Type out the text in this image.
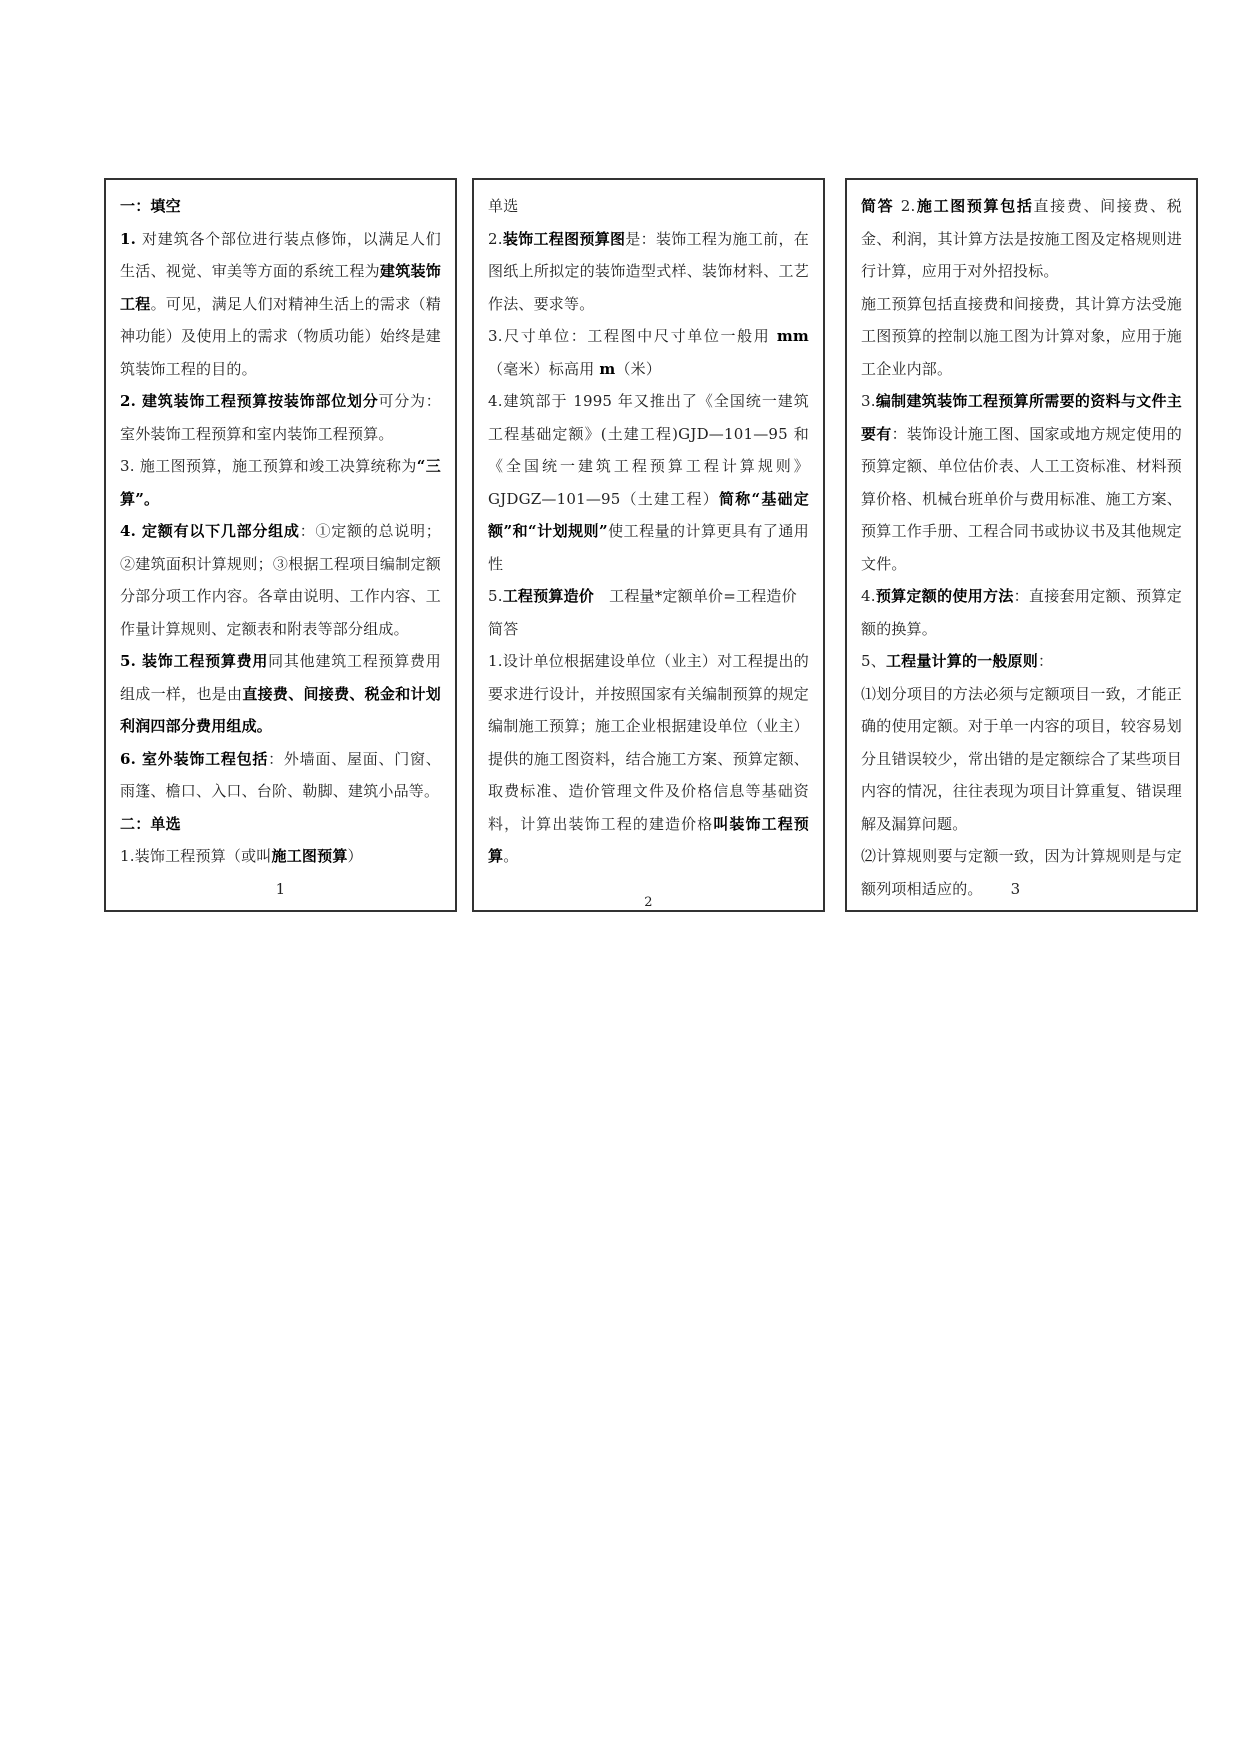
一：填空

1. 对建筑各个部位进行装点修饰，以满足人们生活、视觉、审美等方面的系统工程为建筑装饰工程。可见，满足人们对精神生活上的需求（精神功能）及使用上的需求（物质功能）始终是建筑装饰工程的目的。

2. 建筑装饰工程预算按装饰部位划分可分为：室外装饰工程预算和室内装饰工程预算。

3. 施工图预算，施工预算和竣工决算统称为“三算”。

4. 定额有以下几部分组成：①定额的总说明；②建筑面积计算规则；③根据工程项目编制定额分部分项工作内容。各章由说明、工作内容、工作量计算规则、定额表和附表等部分组成。

5. 装饰工程预算费用同其他建筑工程预算费用组成一样，也是由直接费、间接费、税金和计划利润四部分费用组成。

6. 室外装饰工程包括：外墙面、屋面、门窗、雨篷、檐口、入口、台阶、勒脚、建筑小品等。

二：单选

1.装饰工程预算（或叫施工图预算）

1

单选

2.装饰工程图预算图是：装饰工程为施工前，在图纸上所拟定的装饰造型式样、装饰材料、工艺作法、要求等。

3.尺寸单位：工程图中尺寸单位一般用 mm（毫米）标高用 m（米）

4.建筑部于 1995 年又推出了《全国统一建筑工程基础定额》(土建工程)GJD—101—95 和《全国统一建筑工程预算工程计算规则》GJDGZ—101—95（土建工程）简称“基础定额”和“计划规则”使工程量的计算更具有了通用性

5.工程预算造价　工程量*定额单价=工程造价

简答

1.设计单位根据建设单位（业主）对工程提出的要求进行设计，并按照国家有关编制预算的规定编制施工预算；施工企业根据建设单位（业主）提供的施工图资料，结合施工方案、预算定额、取费标准、造价管理文件及价格信息等基础资料，计算出装饰工程的建造价格叫装饰工程预算。

2

简答 2.施工图预算包括直接费、间接费、税金、利润，其计算方法是按施工图及定格规则进行计算，应用于对外招投标。

施工预算包括直接费和间接费，其计算方法受施工图预算的控制以施工图为计算对象，应用于施工企业内部。

3.编制建筑装饰工程预算所需要的资料与文件主要有：装饰设计施工图、国家或地方规定使用的预算定额、单位估价表、人工工资标准、材料预算价格、机械台班单价与费用标准、施工方案、预算工作手册、工程合同书或协议书及其他规定文件。

4.预算定额的使用方法：直接套用定额、预算定额的换算。

5、工程量计算的一般原则：

⑴划分项目的方法必须与定额项目一致，才能正确的使用定额。对于单一内容的项目，较容易划分且错误较少，常出错的是定额综合了某些项目内容的情况，往往表现为项目计算重复、错误理解及漏算问题。

⑵计算规则要与定额一致，因为计算规则是与定额列项相适应的。 3
